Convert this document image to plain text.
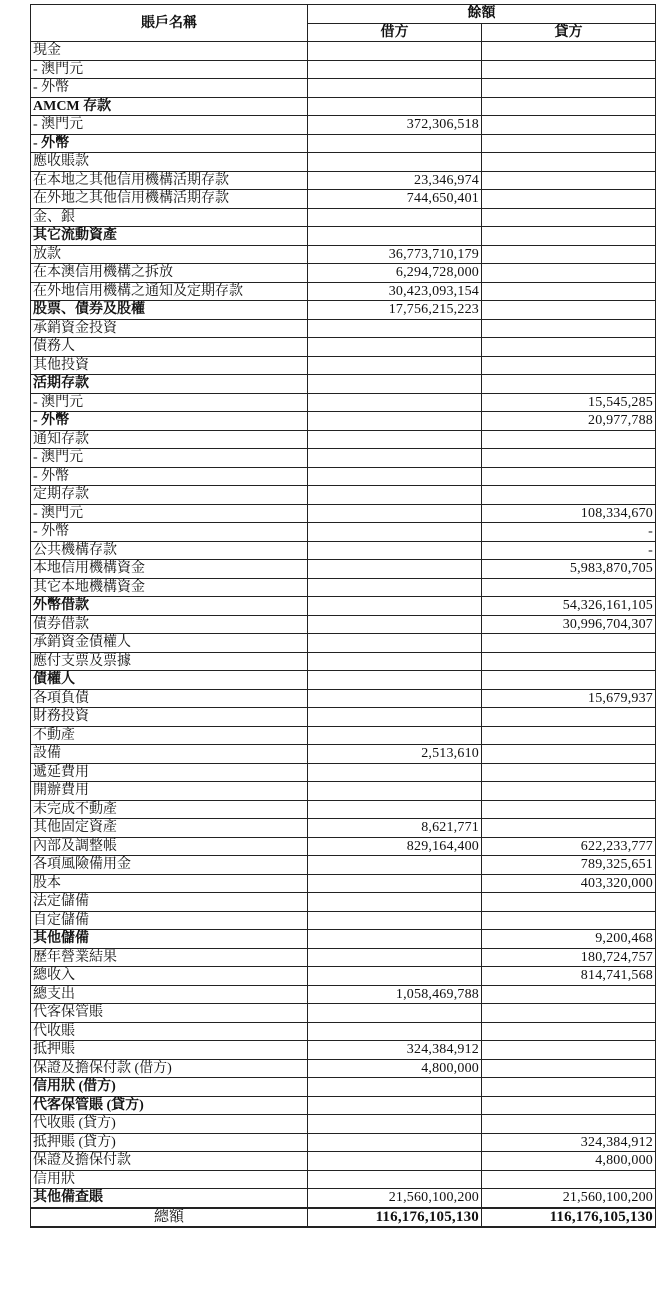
賬戶名稱	餘額	
	借方	貸方
現金		
- 澳門元		
- 外幣		
AMCM 存款		
- 澳門元	372,306,518	
- 外幣		
應收賬款		
在本地之其他信用機構活期存款	23,346,974	
在外地之其他信用機構活期存款	744,650,401	
金、銀		
其它流動資產		
放款	36,773,710,179	
在本澳信用機構之拆放	6,294,728,000	
在外地信用機構之通知及定期存款	30,423,093,154	
股票、債券及股權	17,756,215,223	
承銷資金投資		
債務人		
其他投資		
活期存款		
- 澳門元		15,545,285
- 外幣		20,977,788
通知存款		
- 澳門元		
- 外幣		
定期存款		
- 澳門元		108,334,670
- 外幣		-
公共機構存款		-
本地信用機構資金		5,983,870,705
其它本地機構資金		
外幣借款		54,326,161,105
債券借款		30,996,704,307
承銷資金債權人		
應付支票及票據		
債權人		
各項負債		15,679,937
財務投資		
不動產		
設備	2,513,610	
遞延費用		
開辦費用		
未完成不動產		
其他固定資產	8,621,771	
內部及調整帳	829,164,400	622,233,777
各項風險備用金		789,325,651
股本		403,320,000
法定儲備		
自定儲備		
其他儲備		9,200,468
歷年營業結果		180,724,757
總收入		814,741,568
總支出	1,058,469,788	
代客保管賬		
代收賬		
抵押賬	324,384,912	
保證及擔保付款 (借方)	4,800,000	
信用狀 (借方)		
代客保管賬 (貸方)		
代收賬 (貸方)		
抵押賬 (貸方)		324,384,912
保證及擔保付款		4,800,000
信用狀		
其他備查賬	21,560,100,200	21,560,100,200
總額	116,176,105,130	116,176,105,130
